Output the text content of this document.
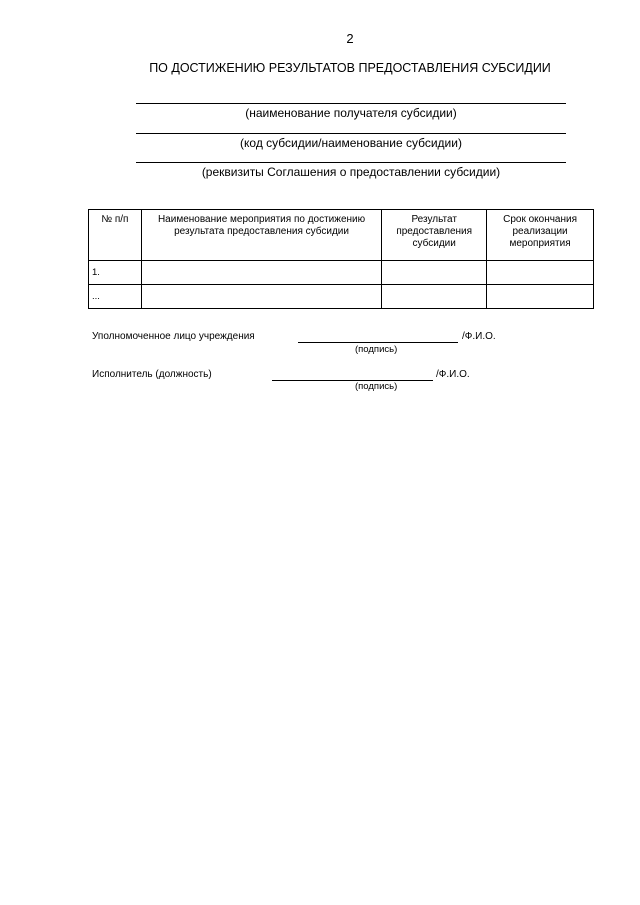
2
ПО ДОСТИЖЕНИЮ РЕЗУЛЬТАТОВ ПРЕДОСТАВЛЕНИЯ СУБСИДИИ
(наименование получателя субсидии)
(код субсидии/наименование субсидии)
(реквизиты Соглашения о предоставлении субсидии)
№ п/п	Наименование мероприятия по достижению результата предоставления субсидии	Результат предоставления субсидии	Срок окончания реализации мероприятия
1.			
...			
Уполномоченное лицо учреждения	/Ф.И.О.
(подпись)
Исполнитель (должность)	/Ф.И.О.
(подпись)
